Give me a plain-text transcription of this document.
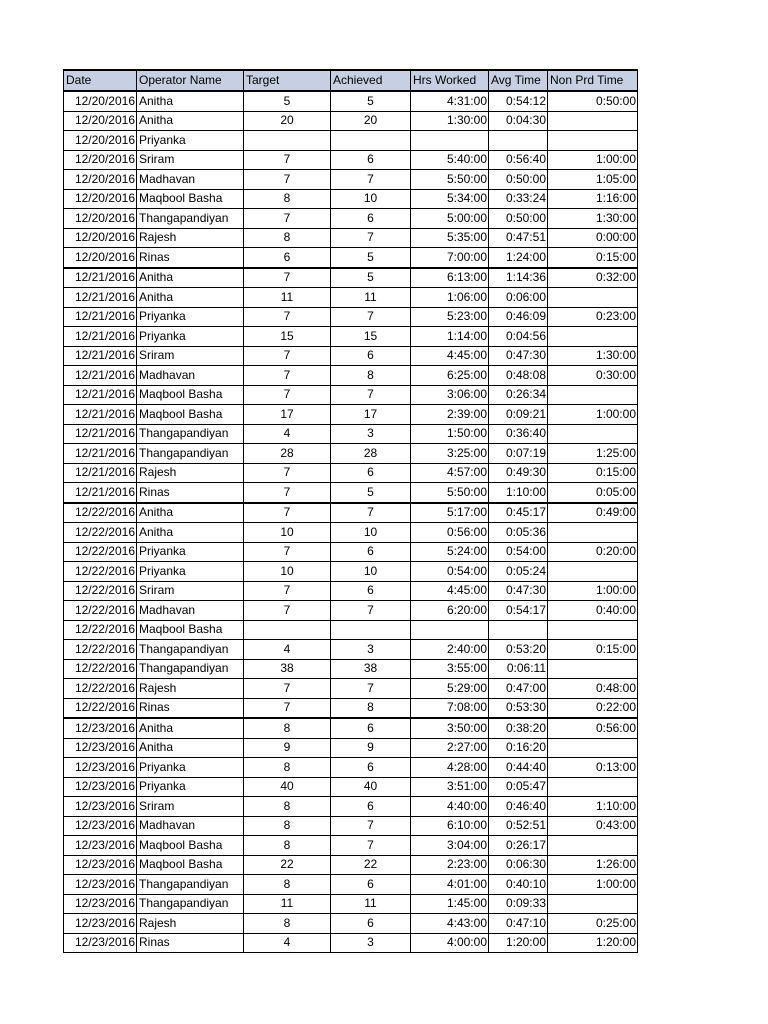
Date	Operator Name	Target	Achieved	Hrs Worked	Avg Time	Non Prd Time
12/20/2016	Anitha	5	5	4:31:00	0:54:12	0:50:00
12/20/2016	Anitha	20	20	1:30:00	0:04:30	
12/20/2016	Priyanka					
12/20/2016	Sriram	7	6	5:40:00	0:56:40	1:00:00
12/20/2016	Madhavan	7	7	5:50:00	0:50:00	1:05:00
12/20/2016	Maqbool Basha	8	10	5:34:00	0:33:24	1:16:00
12/20/2016	Thangapandiyan	7	6	5:00:00	0:50:00	1:30:00
12/20/2016	Rajesh	8	7	5:35:00	0:47:51	0:00:00
12/20/2016	Rinas	6	5	7:00:00	1:24:00	0:15:00
12/21/2016	Anitha	7	5	6:13:00	1:14:36	0:32:00
12/21/2016	Anitha	11	11	1:06:00	0:06:00	
12/21/2016	Priyanka	7	7	5:23:00	0:46:09	0:23:00
12/21/2016	Priyanka	15	15	1:14:00	0:04:56	
12/21/2016	Sriram	7	6	4:45:00	0:47:30	1:30:00
12/21/2016	Madhavan	7	8	6:25:00	0:48:08	0:30:00
12/21/2016	Maqbool Basha	7	7	3:06:00	0:26:34	
12/21/2016	Maqbool Basha	17	17	2:39:00	0:09:21	1:00:00
12/21/2016	Thangapandiyan	4	3	1:50:00	0:36:40	
12/21/2016	Thangapandiyan	28	28	3:25:00	0:07:19	1:25:00
12/21/2016	Rajesh	7	6	4:57:00	0:49:30	0:15:00
12/21/2016	Rinas	7	5	5:50:00	1:10:00	0:05:00
12/22/2016	Anitha	7	7	5:17:00	0:45:17	0:49:00
12/22/2016	Anitha	10	10	0:56:00	0:05:36	
12/22/2016	Priyanka	7	6	5:24:00	0:54:00	0:20:00
12/22/2016	Priyanka	10	10	0:54:00	0:05:24	
12/22/2016	Sriram	7	6	4:45:00	0:47:30	1:00:00
12/22/2016	Madhavan	7	7	6:20:00	0:54:17	0:40:00
12/22/2016	Maqbool Basha					
12/22/2016	Thangapandiyan	4	3	2:40:00	0:53:20	0:15:00
12/22/2016	Thangapandiyan	38	38	3:55:00	0:06:11	
12/22/2016	Rajesh	7	7	5:29:00	0:47:00	0:48:00
12/22/2016	Rinas	7	8	7:08:00	0:53:30	0:22:00
12/23/2016	Anitha	8	6	3:50:00	0:38:20	0:56:00
12/23/2016	Anitha	9	9	2:27:00	0:16:20	
12/23/2016	Priyanka	8	6	4:28:00	0:44:40	0:13:00
12/23/2016	Priyanka	40	40	3:51:00	0:05:47	
12/23/2016	Sriram	8	6	4:40:00	0:46:40	1:10:00
12/23/2016	Madhavan	8	7	6:10:00	0:52:51	0:43:00
12/23/2016	Maqbool Basha	8	7	3:04:00	0:26:17	
12/23/2016	Maqbool Basha	22	22	2:23:00	0:06:30	1:26:00
12/23/2016	Thangapandiyan	8	6	4:01:00	0:40:10	1:00:00
12/23/2016	Thangapandiyan	11	11	1:45:00	0:09:33	
12/23/2016	Rajesh	8	6	4:43:00	0:47:10	0:25:00
12/23/2016	Rinas	4	3	4:00:00	1:20:00	1:20:00
